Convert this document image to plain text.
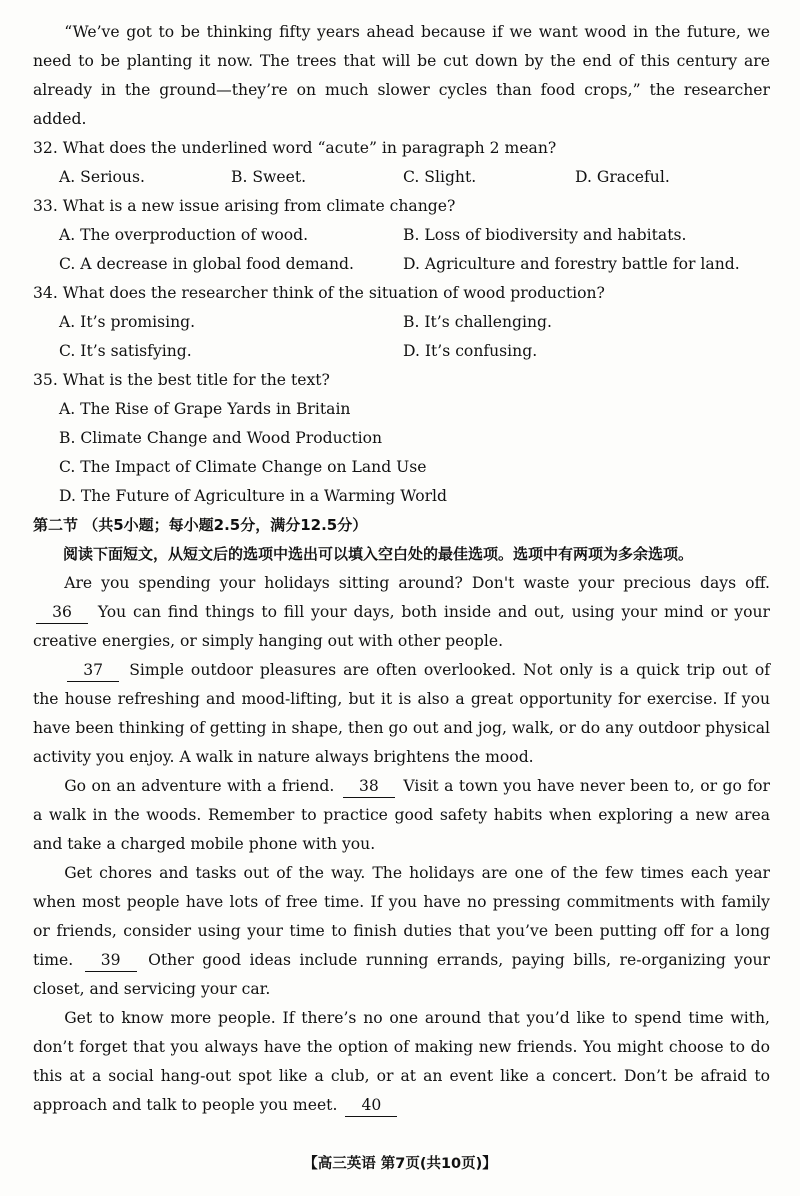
“We’ve got to be thinking fifty years ahead because if we want wood in the future, we need to be planting it now. The trees that will be cut down by the end of this century are already in the ground—they’re on much slower cycles than food crops,” the researcher added.

32. What does the underlined word “acute” in paragraph 2 mean?

A. Serious.	B. Sweet.	C. Slight.	D. Graceful.

33. What is a new issue arising from climate change?

A. The overproduction of wood.	B. Loss of biodiversity and habitats.
C. A decrease in global food demand.	D. Agriculture and forestry battle for land.

34. What does the researcher think of the situation of wood production?

A. It’s promising.	B. It’s challenging.
C. It’s satisfying.	D. It’s confusing.

35. What is the best title for the text?

A. The Rise of Grape Yards in Britain

B. Climate Change and Wood Production

C. The Impact of Climate Change on Land Use

D. The Future of Agriculture in a Warming World

第二节 （共5小题；每小题2.5分，满分12.5分）

阅读下面短文，从短文后的选项中选出可以填入空白处的最佳选项。选项中有两项为多余选项。

Are you spending your holidays sitting around? Don't waste your precious days off. 36 You can find things to fill your days, both inside and out, using your mind or your creative energies, or simply hanging out with other people.

37 Simple outdoor pleasures are often overlooked. Not only is a quick trip out of the house refreshing and mood-lifting, but it is also a great opportunity for exercise. If you have been thinking of getting in shape, then go out and jog, walk, or do any outdoor physical activity you enjoy. A walk in nature always brightens the mood.

Go on an adventure with a friend. 38 Visit a town you have never been to, or go for a walk in the woods. Remember to practice good safety habits when exploring a new area and take a charged mobile phone with you.

Get chores and tasks out of the way. The holidays are one of the few times each year when most people have lots of free time. If you have no pressing commitments with family or friends, consider using your time to finish duties that you’ve been putting off for a long time. 39 Other good ideas include running errands, paying bills, re-organizing your closet, and servicing your car.

Get to know more people. If there’s no one around that you’d like to spend time with, don’t forget that you always have the option of making new friends. You might choose to do this at a social hang-out spot like a club, or at an event like a concert. Don’t be afraid to approach and talk to people you meet. 40

【高三英语 第7页(共10页)】
